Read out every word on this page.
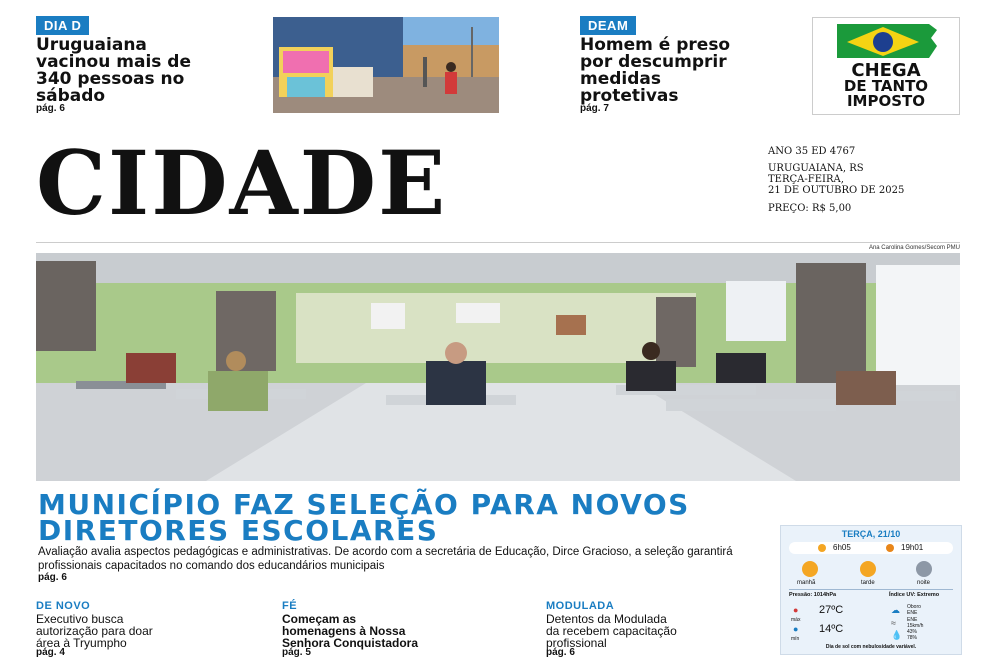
DIA D
Uruguaiana
vacinou mais de
340 pessoas no
sábado
pág. 6
DEAM
Homem é preso
por descumprir
medidas
protetivas
pág. 7
CHEGA
DE TANTO
IMPOSTO
CIDADE	ANO 35 ED 4767
URUGUAIANA, RS
TERÇA-FEIRA,
21 DE OUTUBRO DE 2025
PREÇO: R$ 5,00
Ana Carolina Gomes/Secom PMU
MUNICÍPIO FAZ SELEÇÃO PARA NOVOS
DIRETORES ESCOLARES
Avaliação avalia aspectos pedagógicas e administrativas. De acordo com a secretária de Educação, Dirce Gracioso, a seleção garantirá profissionais capacitados no comando dos educandários municipais
pág. 6
DE NOVO
Executivo busca
autorização para doar
área à Tryumpho
pág. 4
FÉ
Começam as
homenagens à Nossa
Senhora Conquistadora
pág. 5
MODULADA
Detentos da Modulada
da recebem capacitação
profissional
pág. 6
TERÇA, 21/10
6h05	19h01
manhã	tarde	noite
Pressão: 1014hPa	Índice UV: Extremo
●
máx
27ºC
●
mín
14ºC
☁ Oboro
ENE
≈ ENE
15km/h
💧 43%
78%
Dia de sol com nebulosidade variável.
